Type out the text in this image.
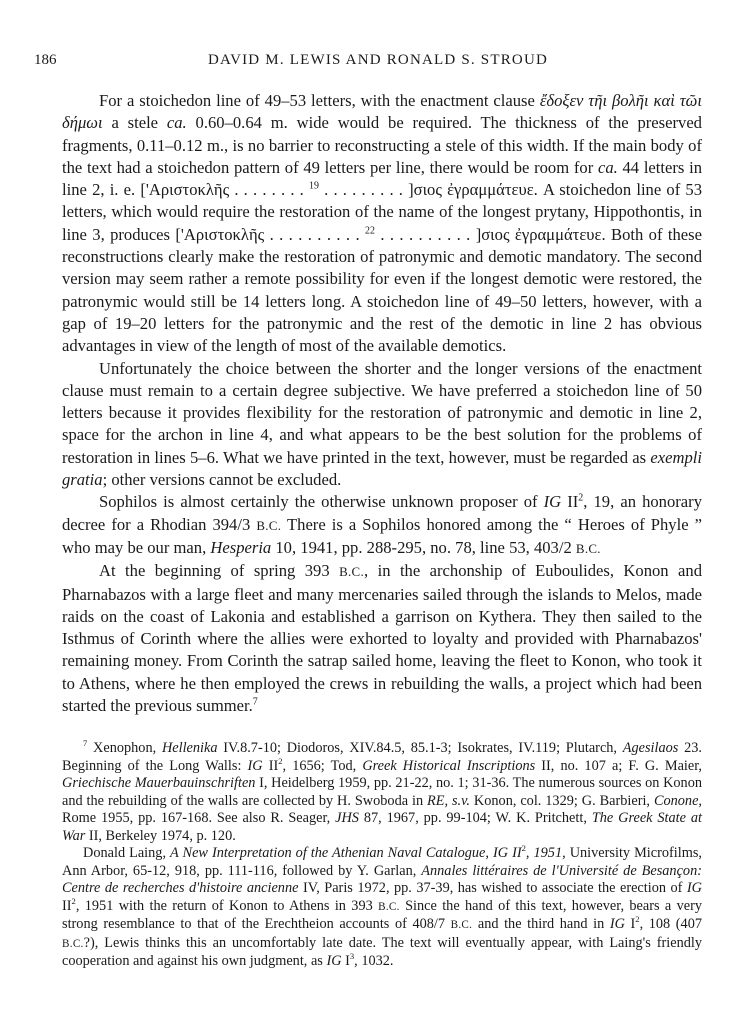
186	DAVID M. LEWIS AND RONALD S. STROUD

For a stoichedon line of 49–53 letters, with the enactment clause ἔδοξεν τῆι βολῆι καὶ τῶι δήμωι a stele ca. 0.60–0.64 m. wide would be required. The thickness of the preserved fragments, 0.11–0.12 m., is no barrier to reconstructing a stele of this width. If the main body of the text had a stoichedon pattern of 49 letters per line, there would be room for ca. 44 letters in line 2, i. e. ['Αριστοκλῆς . . . . . . . . $^{19}$ . . . . . . . . . ]σιος ἐγραμμάτευε. A stoichedon line of 53 letters, which would require the restoration of the name of the longest prytany, Hippothontis, in line 3, produces ['Αριστοκλῆς . . . . . . . . . . $^{22}$ . . . . . . . . . . ]σιος ἐγραμμάτευε. Both of these reconstructions clearly make the restoration of patronymic and demotic mandatory. The second version may seem rather a remote possibility for even if the longest demotic were restored, the patronymic would still be 14 letters long. A stoichedon line of 49–50 letters, however, with a gap of 19–20 letters for the patronymic and the rest of the demotic in line 2 has obvious advantages in view of the length of most of the available demotics.

Unfortunately the choice between the shorter and the longer versions of the enactment clause must remain to a certain degree subjective. We have preferred a stoichedon line of 50 letters because it provides flexibility for the restoration of patronymic and demotic in line 2, space for the archon in line 4, and what appears to be the best solution for the problems of restoration in lines 5–6. What we have printed in the text, however, must be regarded as exempli gratia; other versions cannot be excluded.

Sophilos is almost certainly the otherwise unknown proposer of IG $II^2$, 19, an honorary decree for a Rhodian 394/3 B.C. There is a Sophilos honored among the “ Heroes of Phyle ” who may be our man, Hesperia 10, 1941, pp. 288-295, no. 78, line 53, 403/2 B.C.

At the beginning of spring 393 B.C., in the archonship of Euboulides, Konon and Pharnabazos with a large fleet and many mercenaries sailed through the islands to Melos, made raids on the coast of Lakonia and established a garrison on Kythera. They then sailed to the Isthmus of Corinth where the allies were exhorted to loyalty and provided with Pharnabazos' remaining money. From Corinth the satrap sailed home, leaving the fleet to Konon, who took it to Athens, where he then employed the crews in rebuilding the walls, a project which had been started the previous summer.$^7$

$^7$ Xenophon, Hellenika IV.8.7-10; Diodoros, XIV.84.5, 85.1-3; Isokrates, IV.119; Plutarch, Agesilaos 23. Beginning of the Long Walls: IG $II^2$, 1656; Tod, Greek Historical Inscriptions II, no. 107 a; F. G. Maier, Griechische Mauerbauinschriften I, Heidelberg 1959, pp. 21-22, no. 1; 31-36. The numerous sources on Konon and the rebuilding of the walls are collected by H. Swoboda in RE, s.v. Konon, col. 1329; G. Barbieri, Conone, Rome 1955, pp. 167-168. See also R. Seager, JHS 87, 1967, pp. 99-104; W. K. Pritchett, The Greek State at War II, Berkeley 1974, p. 120.

Donald Laing, A New Interpretation of the Athenian Naval Catalogue, IG $II^2$, 1951, University Microfilms, Ann Arbor, 65-12, 918, pp. 111-116, followed by Y. Garlan, Annales littéraires de l'Université de Besançon: Centre de recherches d'histoire ancienne IV, Paris 1972, pp. 37-39, has wished to associate the erection of IG $II^2$, 1951 with the return of Konon to Athens in 393 B.C. Since the hand of this text, however, bears a very strong resemblance to that of the Erechtheion accounts of 408/7 B.C. and the third hand in IG $I^2$, 108 (407 B.C.?), Lewis thinks this an uncomfortably late date. The text will eventually appear, with Laing's friendly cooperation and against his own judgment, as IG $I^3$, 1032.
